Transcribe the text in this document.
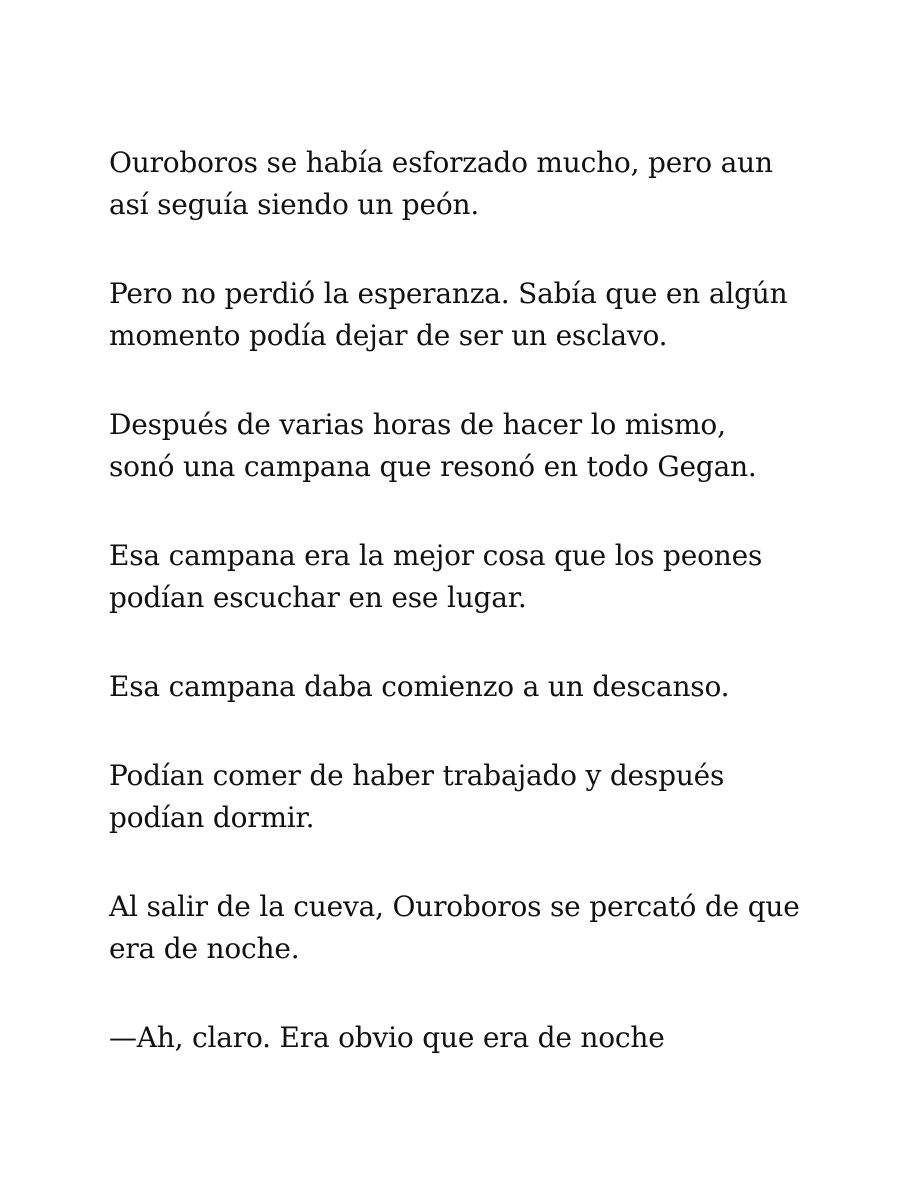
Ouroboros se había esforzado mucho, pero aun
así seguía siendo un peón.

Pero no perdió la esperanza. Sabía que en algún
momento podía dejar de ser un esclavo.

Después de varias horas de hacer lo mismo,
sonó una campana que resonó en todo Gegan.

Esa campana era la mejor cosa que los peones
podían escuchar en ese lugar.

Esa campana daba comienzo a un descanso.

Podían comer de haber trabajado y después
podían dormir.

Al salir de la cueva, Ouroboros se percató de que
era de noche.

—Ah, claro. Era obvio que era de noche
